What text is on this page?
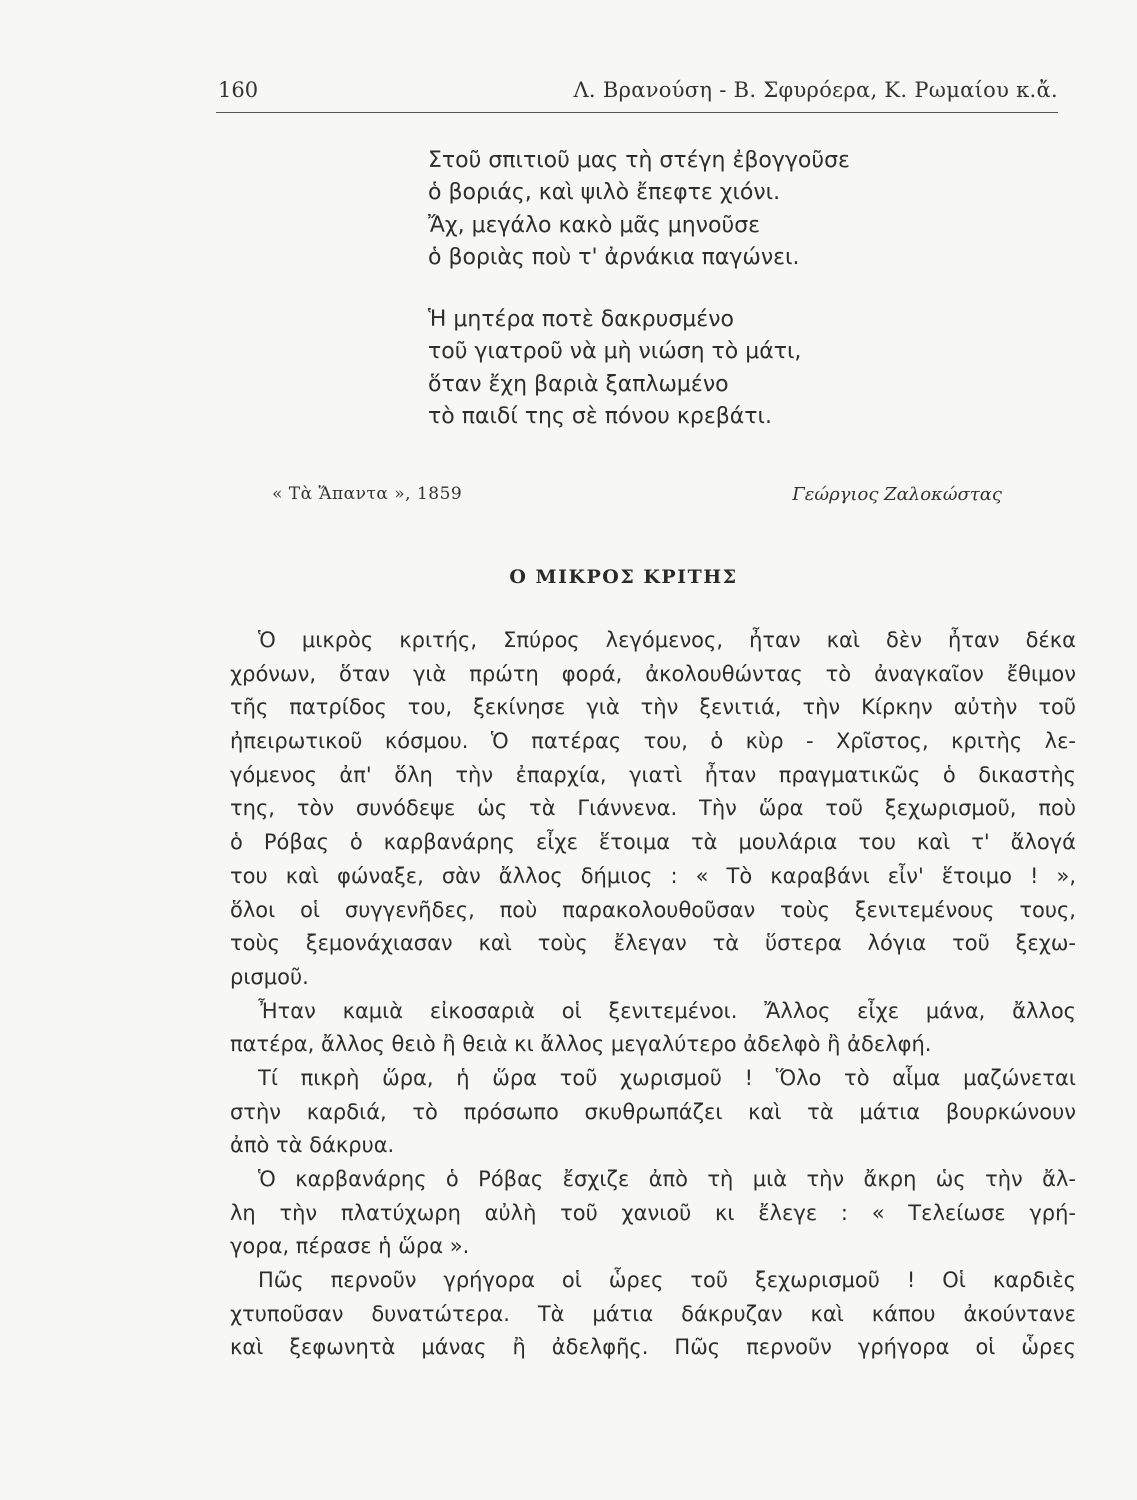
160	Λ. Βρανούση - Β. Σφυρόερα, Κ. Ρωμαίου κ.ἄ.
Στοῦ σπιτιοῦ μας τὴ στέγη ἐβογγοῦσε
ὁ βοριάς, καὶ ψιλὸ ἔπεφτε χιόνι.
Ἄχ, μεγάλο κακὸ μᾶς μηνοῦσε
ὁ βοριὰς ποὺ τ' ἀρνάκια παγώνει.
Ἡ μητέρα ποτὲ δακρυσμένο
τοῦ γιατροῦ νὰ μὴ νιώση τὸ μάτι,
ὅταν ἔχη βαριὰ ξαπλωμένο
τὸ παιδί της σὲ πόνου κρεβάτι.
« Τὰ Ἅπαντα », 1859	Γεώργιος Ζαλοκώστας
Ο ΜΙΚΡΟΣ ΚΡΙΤΗΣ
Ὁ μικρὸς κριτής, Σπύρος λεγόμενος, ἦταν καὶ δὲν ἦταν δέκα
χρόνων, ὅταν γιὰ πρώτη φορά, ἀκολουθώντας τὸ ἀναγκαῖον ἔθιμον
τῆς πατρίδος του, ξεκίνησε γιὰ τὴν ξενιτιά, τὴν Κίρκην αὐτὴν τοῦ
ἠπειρωτικοῦ κόσμου. Ὁ πατέρας του, ὁ κὺρ - Χρῖστος, κριτὴς λε-
γόμενος ἀπ' ὅλη τὴν ἐπαρχία, γιατὶ ἦταν πραγματικῶς ὁ δικαστὴς
της, τὸν συνόδεψε ὡς τὰ Γιάννενα. Τὴν ὥρα τοῦ ξεχωρισμοῦ, ποὺ
ὁ Ρόβας ὁ καρβανάρης εἶχε ἕτοιμα τὰ μουλάρια του καὶ τ' ἄλογά
του καὶ φώναξε, σὰν ἄλλος δήμιος : « Τὸ καραβάνι εἶν' ἕτοιμο ! »,
ὅλοι οἱ συγγενῆδες, ποὺ παρακολουθοῦσαν τοὺς ξενιτεμένους τους,
τοὺς ξεμονάχιασαν καὶ τοὺς ἔλεγαν τὰ ὕστερα λόγια τοῦ ξεχω-
ρισμοῦ.
Ἦταν καμιὰ εἰκοσαριὰ οἱ ξενιτεμένοι. Ἄλλος εἶχε μάνα, ἄλλος
πατέρα, ἄλλος θειὸ ἢ θειὰ κι ἄλλος μεγαλύτερο ἀδελφὸ ἢ ἀδελφή.
Τί πικρὴ ὥρα, ἡ ὥρα τοῦ χωρισμοῦ ! Ὅλο τὸ αἷμα μαζώνεται
στὴν καρδιά, τὸ πρόσωπο σκυθρωπάζει καὶ τὰ μάτια βουρκώνουν
ἀπὸ τὰ δάκρυα.
Ὁ καρβανάρης ὁ Ρόβας ἔσχιζε ἀπὸ τὴ μιὰ τὴν ἄκρη ὡς τὴν ἄλ-
λη τὴν πλατύχωρη αὐλὴ τοῦ χανιοῦ κι ἔλεγε : « Τελείωσε γρή-
γορα, πέρασε ἡ ὥρα ».
Πῶς περνοῦν γρήγορα οἱ ὧρες τοῦ ξεχωρισμοῦ ! Οἱ καρδιὲς
χτυποῦσαν δυνατώτερα. Τὰ μάτια δάκρυζαν καὶ κάπου ἀκούντανε
καὶ ξεφωνητὰ μάνας ἢ ἀδελφῆς. Πῶς περνοῦν γρήγορα οἱ ὧρες
